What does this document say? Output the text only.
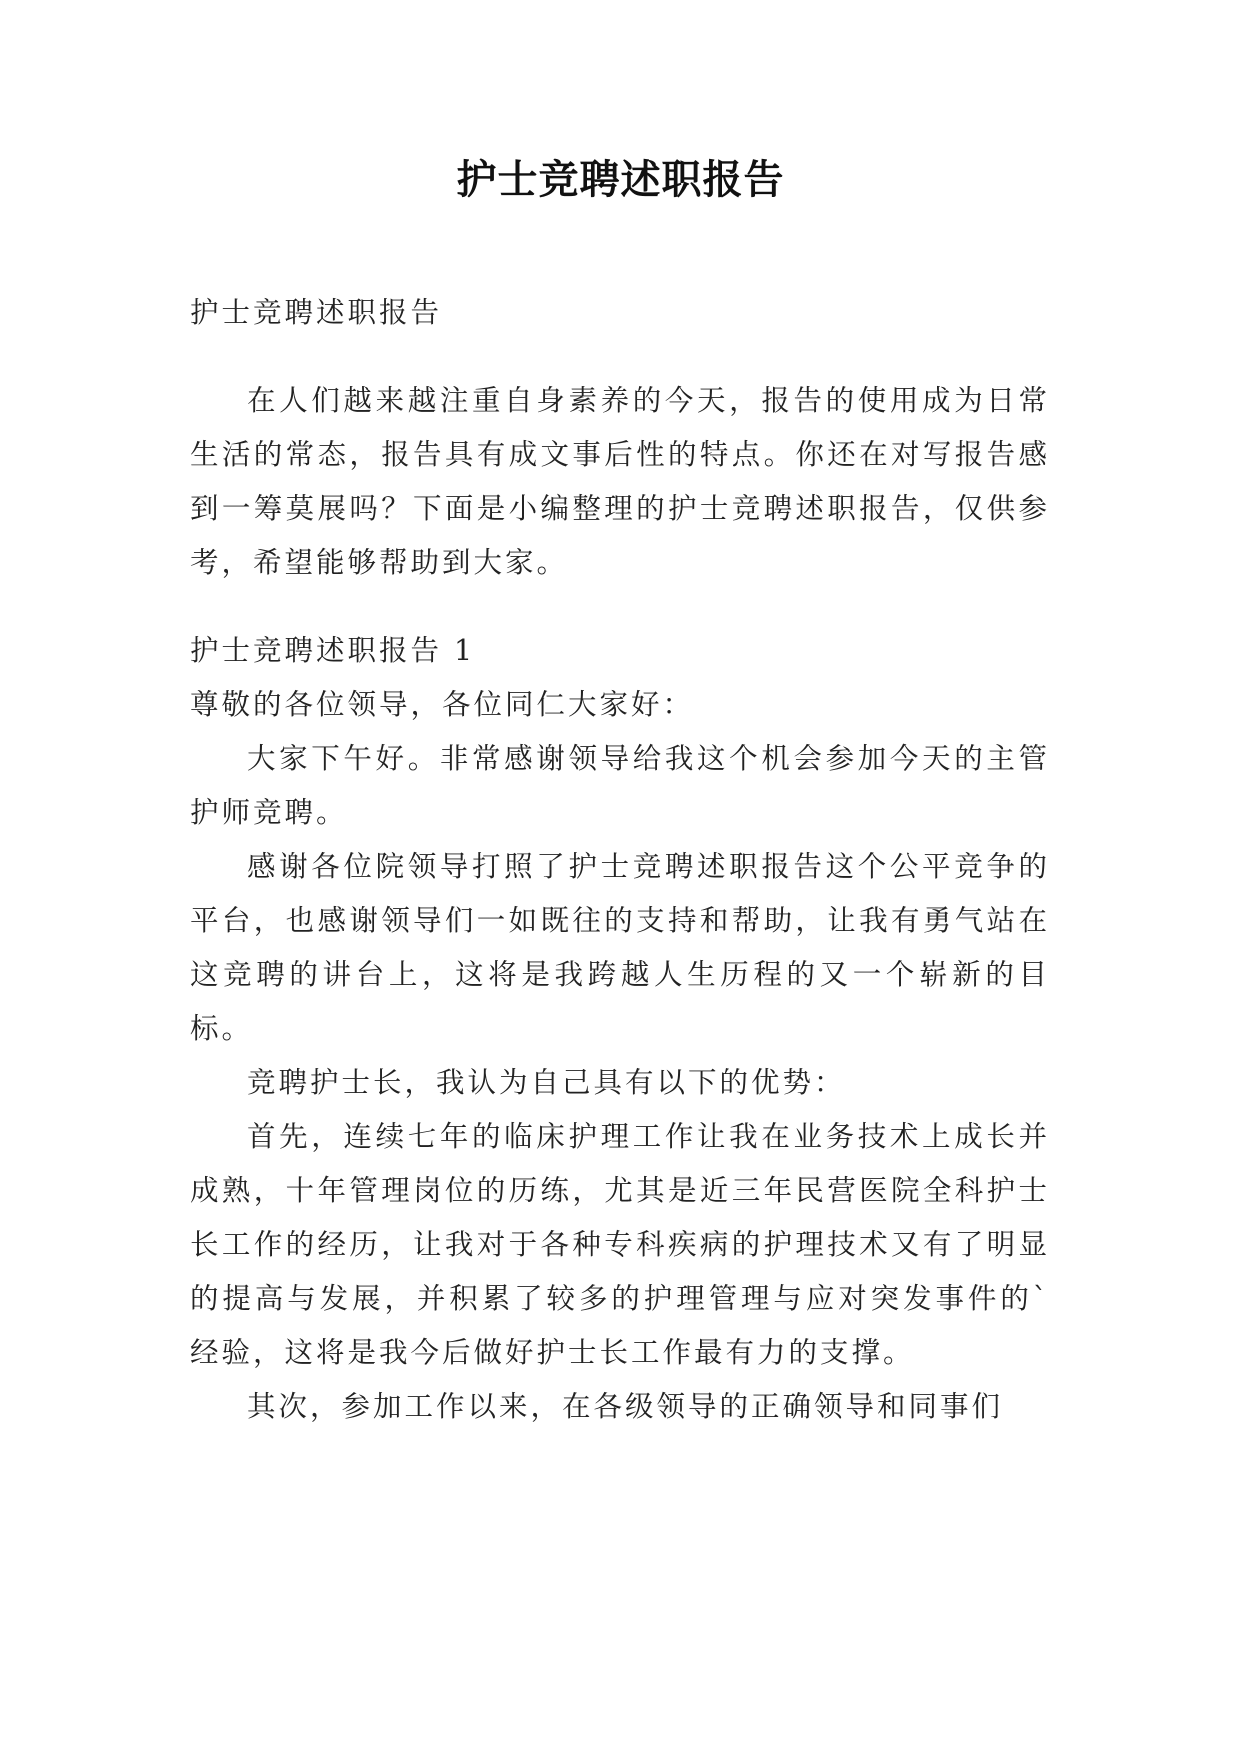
护士竞聘述职报告

护士竞聘述职报告

在人们越来越注重自身素养的今天，报告的使用成为日常生活的常态，报告具有成文事后性的特点。你还在对写报告感到一筹莫展吗？下面是小编整理的护士竞聘述职报告，仅供参考，希望能够帮助到大家。

护士竞聘述职报告 1

尊敬的各位领导，各位同仁大家好：

大家下午好。非常感谢领导给我这个机会参加今天的主管护师竞聘。

感谢各位院领导打照了护士竞聘述职报告这个公平竞争的平台，也感谢领导们一如既往的支持和帮助，让我有勇气站在这竞聘的讲台上，这将是我跨越人生历程的又一个崭新的目标。

竞聘护士长，我认为自己具有以下的优势：

首先，连续七年的临床护理工作让我在业务技术上成长并成熟，十年管理岗位的历练，尤其是近三年民营医院全科护士长工作的经历，让我对于各种专科疾病的护理技术又有了明显的提高与发展，并积累了较多的护理管理与应对突发事件的`经验，这将是我今后做好护士长工作最有力的支撑。

其次，参加工作以来，在各级领导的正确领导和同事们
